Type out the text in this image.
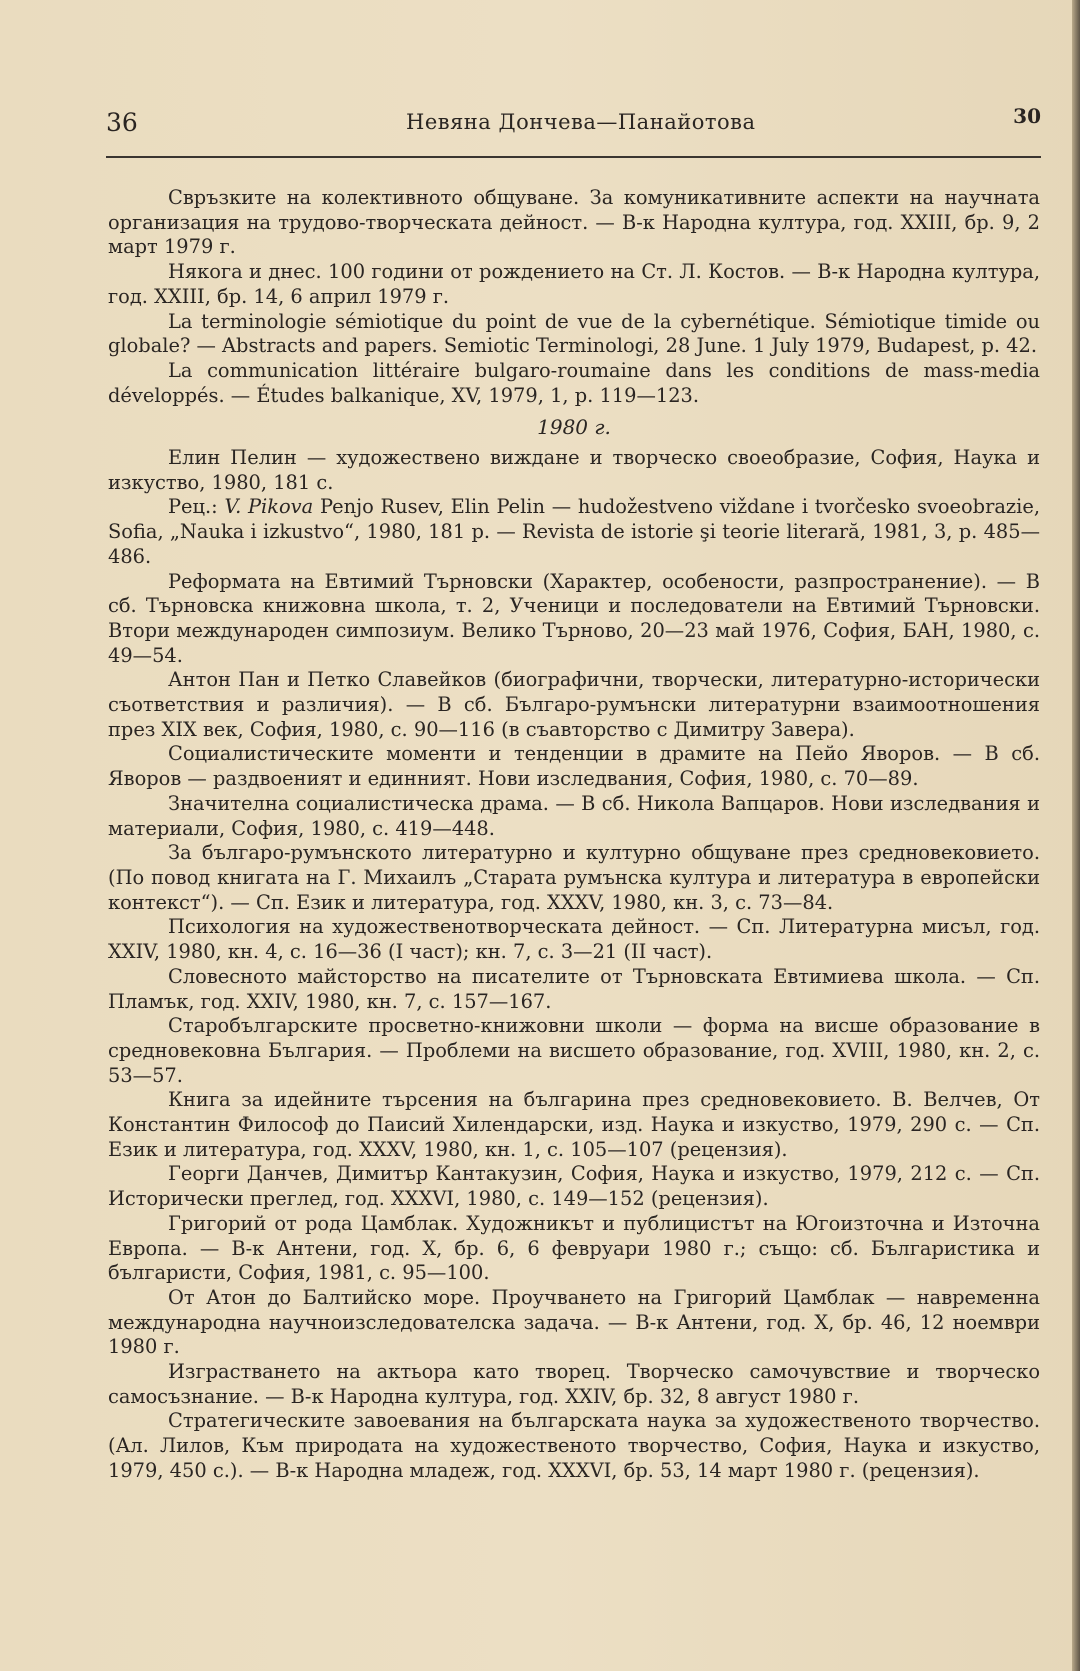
36	Невяна Дончева—Панайотова	30

Свръзките на колективното общуване. За комуникативните аспекти на научната организация на трудово-творческата дейност. — В-к Народна култура, год. XXIII, бр. 9, 2 март 1979 г.

Някога и днес. 100 години от рождението на Ст. Л. Костов. — В-к Народна култура, год. XXIII, бр. 14, 6 април 1979 г.

La terminologie sémiotique du point de vue de la cybernétique. Sémiotique timide ou globale? — Abstracts and papers. Semiotic Terminologi, 28 June. 1 July 1979, Budapest, p. 42.

La communication littéraire bulgaro-roumaine dans les conditions de mass-media développés. — Études balkanique, XV, 1979, 1, p. 119—123.

1980 г.

Елин Пелин — художествено виждане и творческо своеобразие, София, Наука и изкуство, 1980, 181 с.

Рец.: V. Pikova Penjo Rusev, Elin Pelin — hudožestveno viždane i tvorčesko svoeobrazie, Sofia, „Nauka i izkustvo“, 1980, 181 p. — Revista de istorie şi teorie literară, 1981, 3, p. 485—486.

Реформата на Евтимий Търновски (Характер, особености, разпространение). — В сб. Търновска книжовна школа, т. 2, Ученици и последователи на Евтимий Търновски. Втори международен симпозиум. Велико Търново, 20—23 май 1976, София, БАН, 1980, с. 49—54.

Антон Пан и Петко Славейков (биографични, творчески, литературно-исторически съответствия и различия). — В сб. Българо-румънски литературни взаимоотношения през XIX век, София, 1980, с. 90—116 (в съавторство с Димитру Завера).

Социалистическите моменти и тенденции в драмите на Пейо Яворов. — В сб. Яворов — раздвоеният и единният. Нови изследвания, София, 1980, с. 70—89.

Значителна социалистическа драма. — В сб. Никола Вапцаров. Нови изследвания и материали, София, 1980, с. 419—448.

За българо-румънското литературно и културно общуване през средновековието. (По повод книгата на Г. Михаилъ „Старата румънска култура и литература в европейски контекст“). — Сп. Език и литература, год. XXXV, 1980, кн. 3, с. 73—84.

Психология на художественотворческата дейност. — Сп. Литературна мисъл, год. XXIV, 1980, кн. 4, с. 16—36 (I част); кн. 7, с. 3—21 (II част).

Словесното майсторство на писателите от Търновската Евтимиева школа. — Сп. Пламък, год. XXIV, 1980, кн. 7, с. 157—167.

Старобългарските просветно-книжовни школи — форма на висше образование в средновековна България. — Проблеми на висшето образование, год. XVIII, 1980, кн. 2, с. 53—57.

Книга за идейните търсения на българина през средновековието. В. Велчев, От Константин Философ до Паисий Хилендарски, изд. Наука и изкуство, 1979, 290 с. — Сп. Език и литература, год. XXXV, 1980, кн. 1, с. 105—107 (рецензия).

Георги Данчев, Димитър Кантакузин, София, Наука и изкуство, 1979, 212 с. — Сп. Исторически преглед, год. XXXVI, 1980, с. 149—152 (рецензия).

Григорий от рода Цамблак. Художникът и публицистът на Югоизточна и Източна Европа. — В-к Антени, год. X, бр. 6, 6 февруари 1980 г.; също: сб. Българистика и българисти, София, 1981, с. 95—100.

От Атон до Балтийско море. Проучването на Григорий Цамблак — навременна международна научноизследователска задача. — В-к Антени, год. X, бр. 46, 12 ноември 1980 г.

Изграстването на актьора като творец. Творческо самочувствие и творческо самосъзнание. — В-к Народна култура, год. XXIV, бр. 32, 8 август 1980 г.

Стратегическите завоевания на българската наука за художественото творчество. (Ал. Лилов, Към природата на художественото творчество, София, Наука и изкуство, 1979, 450 с.). — В-к Народна младеж, год. XXXVI, бр. 53, 14 март 1980 г. (рецензия).
